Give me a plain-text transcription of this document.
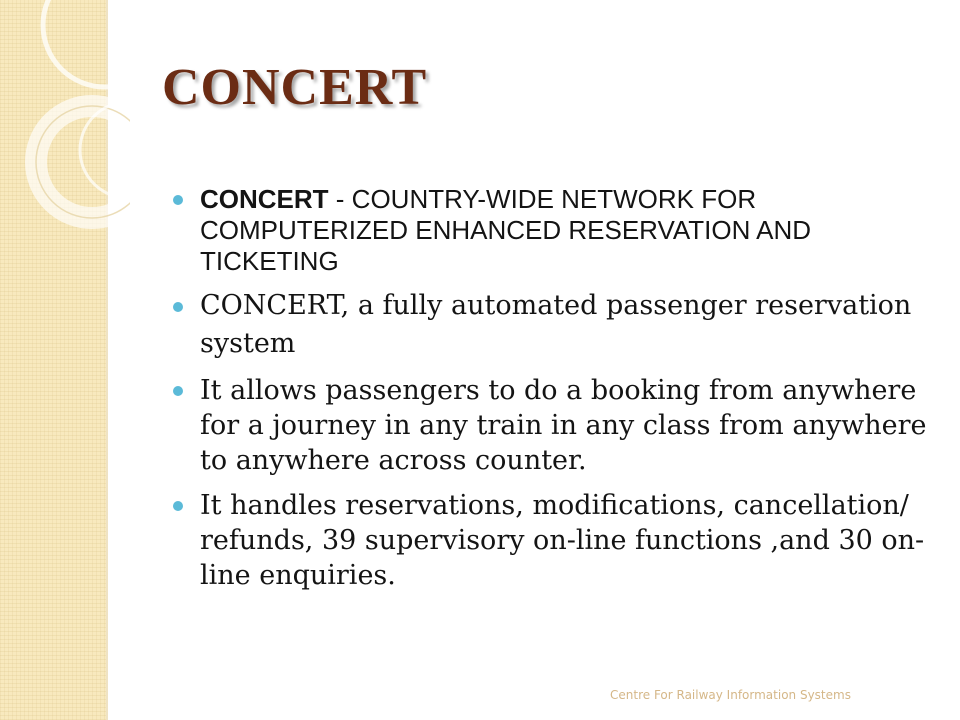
CONCERT
CONCERT - COUNTRY-WIDE NETWORK FOR COMPUTERIZED ENHANCED RESERVATION AND TICKETING
CONCERT, a fully automated passenger reservation system
It allows passengers to do a booking from anywhere for a journey in any train in any class from anywhere to anywhere across counter.
It handles reservations, modifications, cancellation/ refunds, 39 supervisory on-line functions ,and 30 on-line enquiries.
Centre For Railway Information Systems
